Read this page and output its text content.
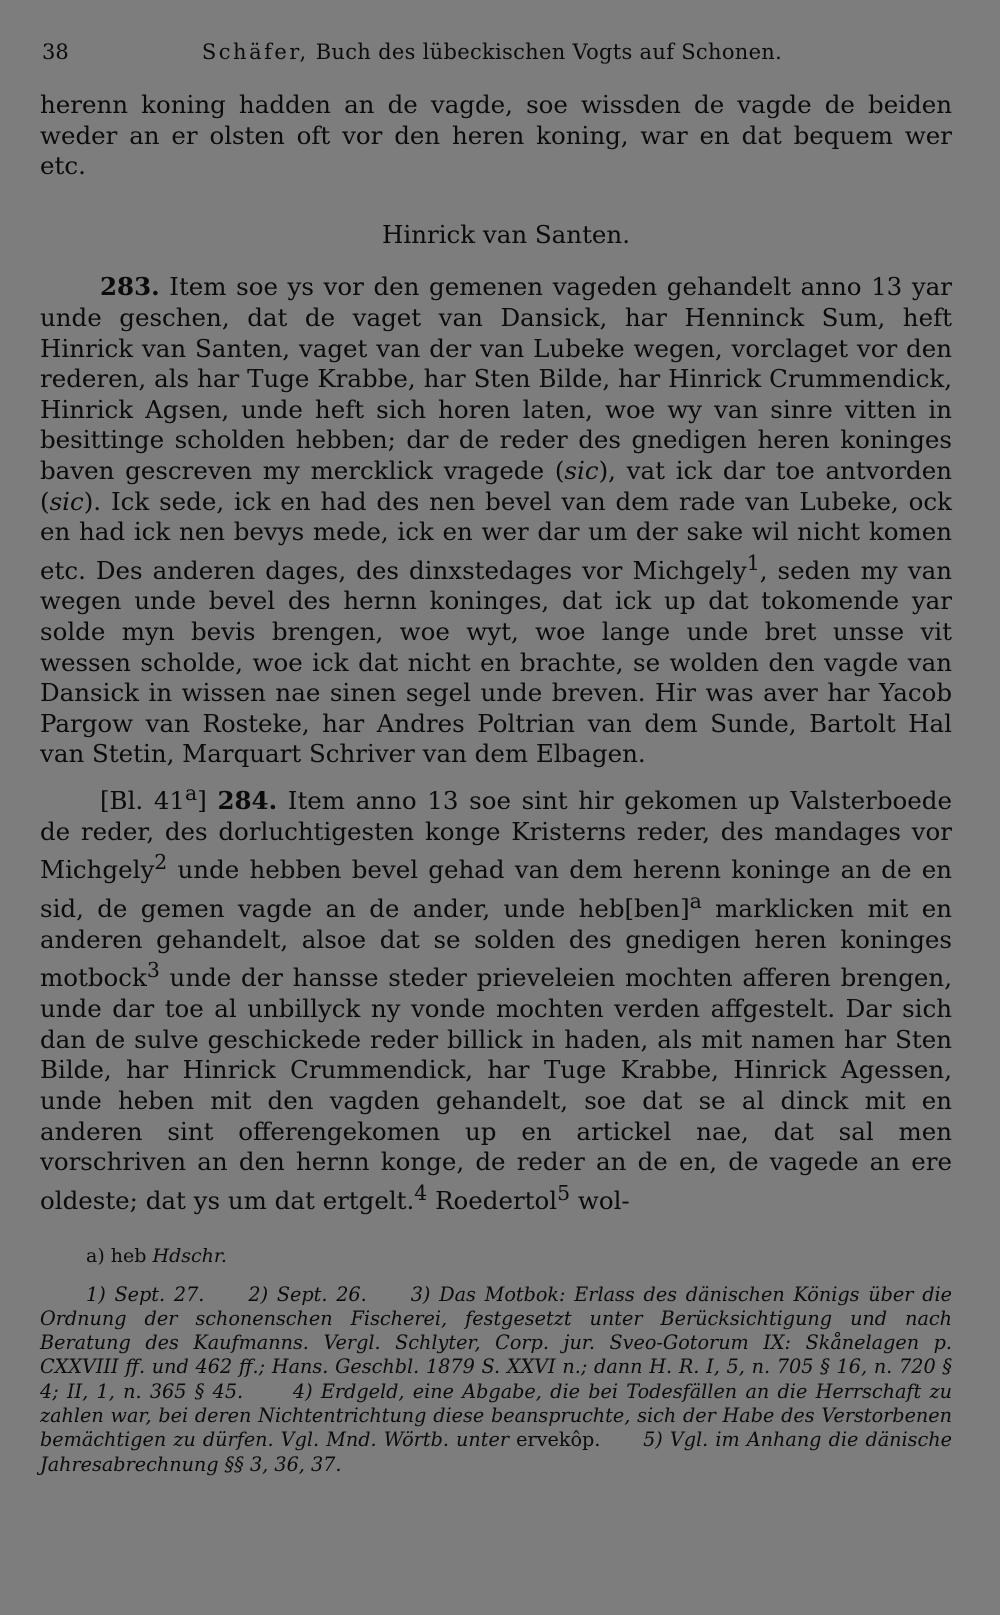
38	Schäfer, Buch des lübeckischen Vogts auf Schonen.

herenn koning hadden an de vagde, soe wissden de vagde de beiden weder an er olsten oft vor den heren koning, war en dat bequem wer etc.

Hinrick van Santen.

283. Item soe ys vor den gemenen vageden gehandelt anno 13 yar unde geschen, dat de vaget van Dansick, har Henninck Sum, heft Hinrick van Santen, vaget van der van Lubeke wegen, vorclaget vor den rederen, als har Tuge Krabbe, har Sten Bilde, har Hinrick Crummendick, Hinrick Agsen, unde heft sich horen laten, woe wy van sinre vitten in besittinge scholden hebben; dar de reder des gnedigen heren koninges baven gescreven my mercklick vragede (sic), vat ick dar toe antvorden (sic). Ick sede, ick en had des nen bevel van dem rade van Lubeke, ock en had ick nen bevys mede, ick en wer dar um der sake wil nicht komen etc. Des anderen dages, des dinxstedages vor Michgely$^1$, seden my van wegen unde bevel des hernn koninges, dat ick up dat tokomende yar solde myn bevis brengen, woe wyt, woe lange unde bret unsse vit wessen scholde, woe ick dat nicht en brachte, se wolden den vagde van Dansick in wissen nae sinen segel unde breven. Hir was aver har Yacob Pargow van Rosteke, har Andres Poltrian van dem Sunde, Bartolt Hal van Stetin, Marquart Schriver van dem Elbagen.

[Bl. 41$^a$] 284. Item anno 13 soe sint hir gekomen up Valsterboede de reder, des dorluchtigesten konge Kristerns reder, des mandages vor Michgely$^2$ unde hebben bevel gehad van dem herenn koninge an de en sid, de gemen vagde an de ander, unde heb[ben]$^a$ marklicken mit en anderen gehandelt, alsoe dat se solden des gnedigen heren koninges motbock$^3$ unde der hansse steder prieveleien mochten afferen brengen, unde dar toe al unbillyck ny vonde mochten verden affgestelt. Dar sich dan de sulve geschickede reder billick in haden, als mit namen har Sten Bilde, har Hinrick Crummendick, har Tuge Krabbe, Hinrick Agessen, unde heben mit den vagden gehandelt, soe dat se al dinck mit en anderen sint offerengekomen up en artickel nae, dat sal men vorschriven an den hernn konge, de reder an de en, de vagede an ere oldeste; dat ys um dat ertgelt.$^4$ Roedertol$^5$ wol-

a) heb Hdschr.

1) Sept. 27. 2) Sept. 26. 3) Das Motbok: Erlass des dänischen Königs über die Ordnung der schonenschen Fischerei, festgesetzt unter Berücksichtigung und nach Beratung des Kaufmanns. Vergl. Schlyter, Corp. jur. Sveo-Gotorum IX: Skånelagen p. CXXVIII ff. und 462 ff.; Hans. Geschbl. 1879 S. XXVI n.; dann H. R. I, 5, n. 705 § 16, n. 720 § 4; II, 1, n. 365 § 45.	4) Erdgeld, eine Abgabe, die bei Todesfällen an die Herrschaft zu zahlen war, bei deren Nichtentrichtung diese beanspruchte, sich der Habe des Verstorbenen bemächtigen zu dürfen. Vgl. Mnd. Wörtb. unter ervekôp. 5) Vgl. im Anhang die dänische Jahresabrechnung §§ 3, 36, 37.
